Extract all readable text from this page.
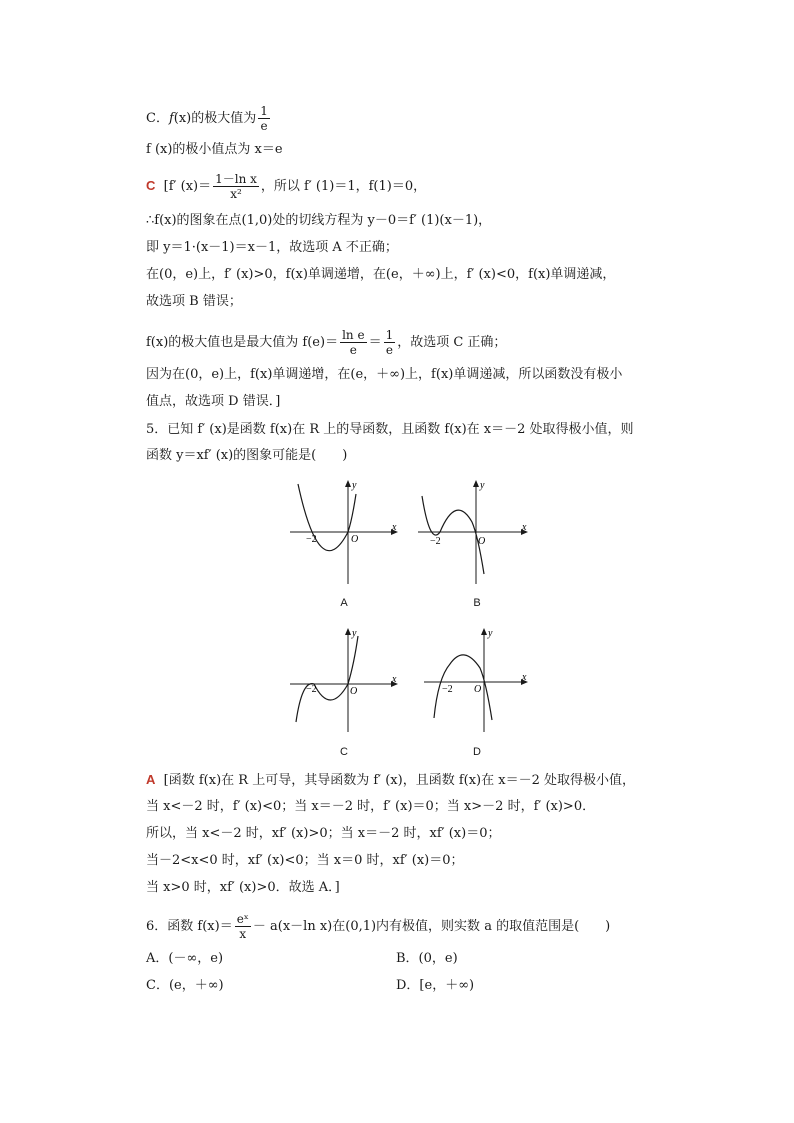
C．f(x)的极大值为 $\frac{1}{e}$
f (x)的极小值点为 x＝e
C [f′ $(x)= \frac{\text{1－ln x}}{\text{x²}}$ ，所以 f′ (1)＝1，f(1)＝0，
∴f(x)的图象在点(1,0)处的切线方程为 y－0＝f′ (1)(x－1)，
即 y＝1·(x－1)＝x－1，故选项 A 不正确；
在(0，e)上，f′ (x)>0，f(x)单调递增，在(e，＋∞)上，f′ (x)<0，f(x)单调递减，
故选项 B 错误；
f(x)的极大值也是最大值为 $f(e)= \frac{\text{ln e}}{e} = \frac{1}{e}$ ，故选项 C 正确；
因为在(0，e)上，f(x)单调递增，在(e，＋∞)上，f(x)单调递减，所以函数没有极小
值点，故选项 D 错误．]
5．已知 f′ (x)是函数 f(x)在 R 上的导函数，且函数 f(x)在 x＝－2 处取得极小值，则
函数 y＝xf′ (x)的图象可能是(　　)
x
y
−2	O
A
x
y
−2	O
B
x
y
−2	O
C
x
y
−2 O
D
A [函数 f(x)在 R 上可导，其导函数为 f′ (x)，且函数 f(x)在 x＝－2 处取得极小值，
当 x<－2 时，f′ (x)<0；当 x＝－2 时，f′ (x)＝0；当 x>－2 时，f′ (x)>0．
所以，当 x<－2 时，xf′ (x)>0；当 x＝－2 时，xf′ (x)＝0；
当－2<x<0 时，xf′ (x)<0；当 x＝0 时，xf′ (x)＝0；
当 x>0 时，xf′ (x)>0．故选 A．]
6．函数 $f(x)= \frac{\text{eˣ}}{x} - a(x-\ln$ x)在(0,1)内有极值，则实数 a 的取值范围是(　　)
A．(－∞，e)	B．(0，e)
C．(e，＋∞)	D．[e，＋∞)
